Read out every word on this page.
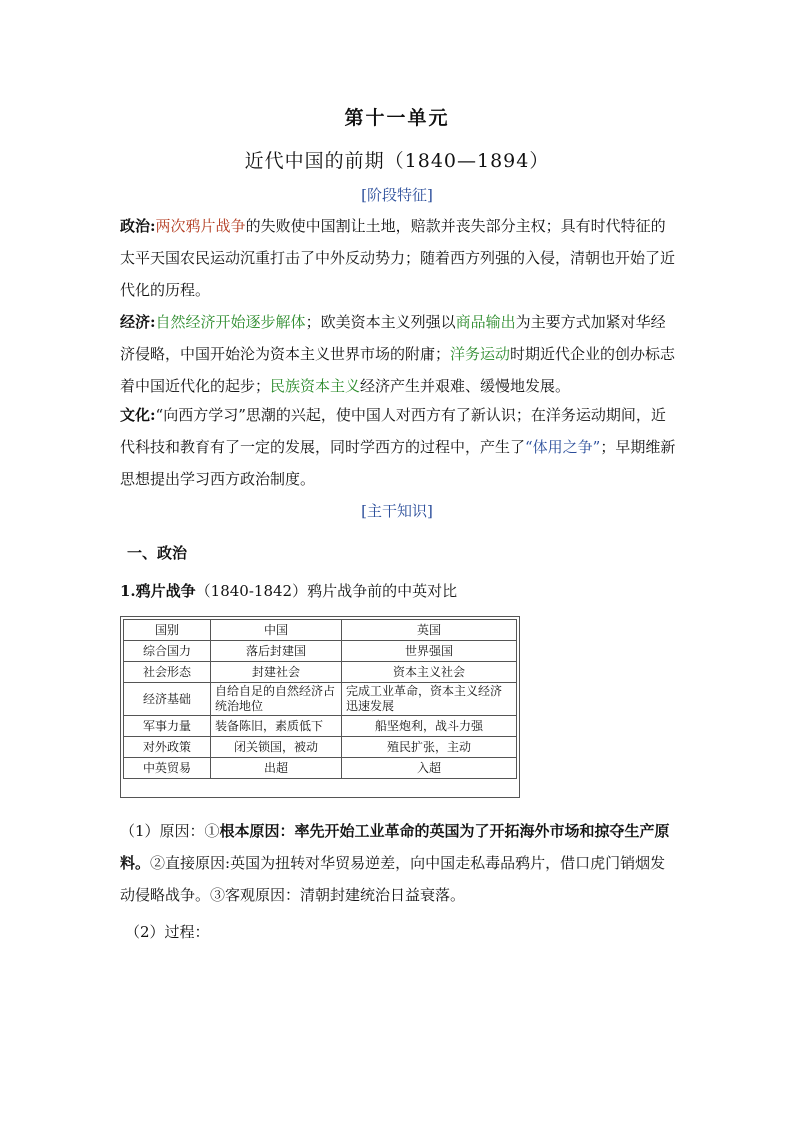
第十一单元
近代中国的前期（1840—1894）
[阶段特征]
政治:两次鸦片战争的失败使中国割让土地，赔款并丧失部分主权；具有时代特征的太平天国农民运动沉重打击了中外反动势力；随着西方列强的入侵，清朝也开始了近代化的历程。
经济:自然经济开始逐步解体；欧美资本主义列强以商品输出为主要方式加紧对华经济侵略，中国开始沦为资本主义世界市场的附庸；洋务运动时期近代企业的创办标志着中国近代化的起步；民族资本主义经济产生并艰难、缓慢地发展。
文化:“向西方学习”思潮的兴起，使中国人对西方有了新认识；在洋务运动期间，近代科技和教育有了一定的发展，同时学西方的过程中，产生了“体用之争”；早期维新思想提出学习西方政治制度。
[主干知识]
一、政治
1.鸦片战争（1840-1842）鸦片战争前的中英对比
国别	中国	英国
综合国力	落后封建国	世界强国
社会形态	封建社会	资本主义社会
经济基础	自给自足的自然经济占统治地位	完成工业革命，资本主义经济迅速发展
军事力量	装备陈旧，素质低下	船坚炮利，战斗力强
对外政策	闭关锁国，被动	殖民扩张，主动
中英贸易	出超	入超
（1）原因：①根本原因：率先开始工业革命的英国为了开拓海外市场和掠夺生产原料。②直接原因:英国为扭转对华贸易逆差，向中国走私毒品鸦片，借口虎门销烟发动侵略战争。③客观原因：清朝封建统治日益衰落。
（2）过程：
